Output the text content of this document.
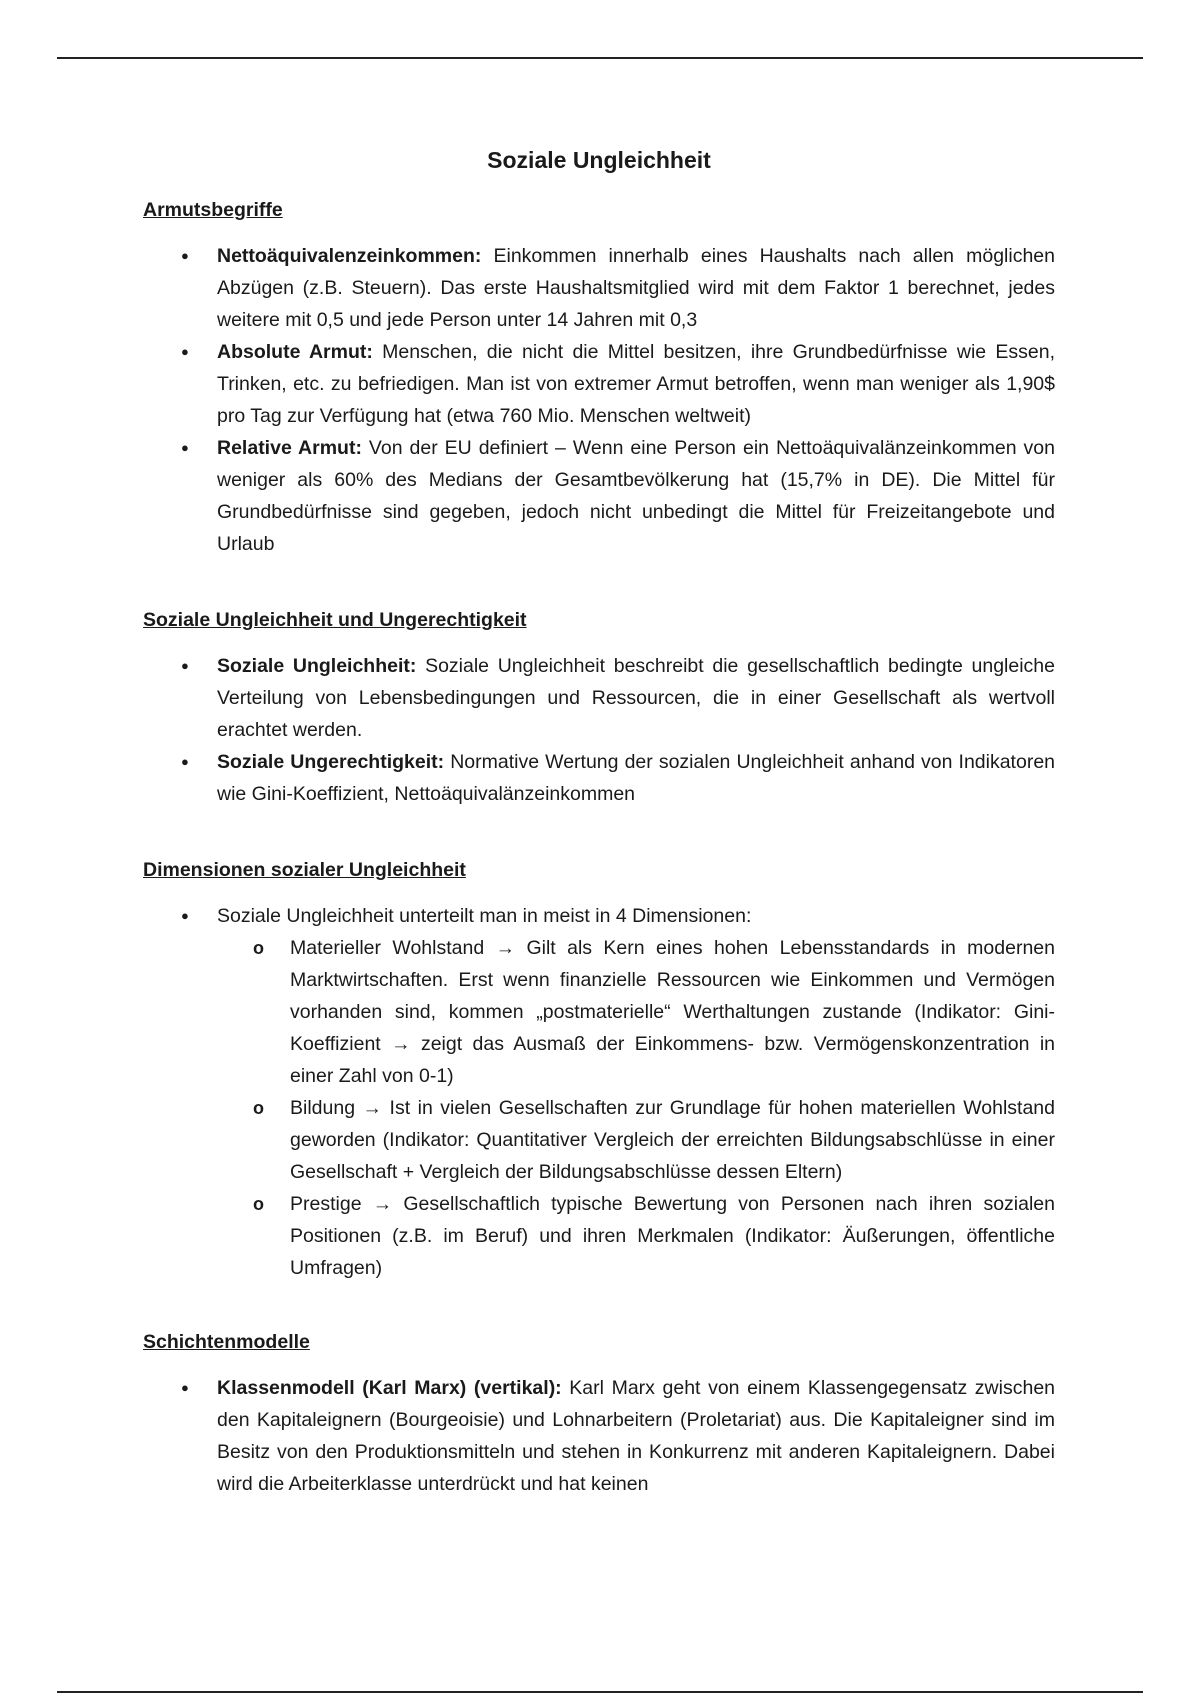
Soziale Ungleichheit
Armutsbegriffe
● Nettoäquivalenzeinkommen: Einkommen innerhalb eines Haushalts nach allen möglichen Abzügen (z.B. Steuern). Das erste Haushaltsmitglied wird mit dem Faktor 1 berechnet, jedes weitere mit 0,5 und jede Person unter 14 Jahren mit 0,3
● Absolute Armut: Menschen, die nicht die Mittel besitzen, ihre Grundbedürfnisse wie Essen, Trinken, etc. zu befriedigen. Man ist von extremer Armut betroffen, wenn man weniger als 1,90$ pro Tag zur Verfügung hat (etwa 760 Mio. Menschen weltweit)
● Relative Armut: Von der EU definiert – Wenn eine Person ein Nettoäquivalänzeinkommen von weniger als 60% des Medians der Gesamtbevölkerung hat (15,7% in DE). Die Mittel für Grundbedürfnisse sind gegeben, jedoch nicht unbedingt die Mittel für Freizeitangebote und Urlaub
Soziale Ungleichheit und Ungerechtigkeit
● Soziale Ungleichheit: Soziale Ungleichheit beschreibt die gesellschaftlich bedingte ungleiche Verteilung von Lebensbedingungen und Ressourcen, die in einer Gesellschaft als wertvoll erachtet werden.
● Soziale Ungerechtigkeit: Normative Wertung der sozialen Ungleichheit anhand von Indikatoren wie Gini-Koeffizient, Nettoäquivalänzeinkommen
Dimensionen sozialer Ungleichheit
● Soziale Ungleichheit unterteilt man in meist in 4 Dimensionen:
o Materieller Wohlstand → Gilt als Kern eines hohen Lebensstandards in modernen Marktwirtschaften. Erst wenn finanzielle Ressourcen wie Einkommen und Vermögen vorhanden sind, kommen „postmaterielle“ Werthaltungen zustande (Indikator: Gini-Koeffizient → zeigt das Ausmaß der Einkommens- bzw. Vermögenskonzentration in einer Zahl von 0-1)
o Bildung → Ist in vielen Gesellschaften zur Grundlage für hohen materiellen Wohlstand geworden (Indikator: Quantitativer Vergleich der erreichten Bildungsabschlüsse in einer Gesellschaft + Vergleich der Bildungsabschlüsse dessen Eltern)
o Prestige → Gesellschaftlich typische Bewertung von Personen nach ihren sozialen Positionen (z.B. im Beruf) und ihren Merkmalen (Indikator: Äußerungen, öffentliche Umfragen)
Schichtenmodelle
● Klassenmodell (Karl Marx) (vertikal): Karl Marx geht von einem Klassengegensatz zwischen den Kapitaleignern (Bourgeoisie) und Lohnarbeitern (Proletariat) aus. Die Kapitaleigner sind im Besitz von den Produktionsmitteln und stehen in Konkurrenz mit anderen Kapitaleignern. Dabei wird die Arbeiterklasse unterdrückt und hat keinen
